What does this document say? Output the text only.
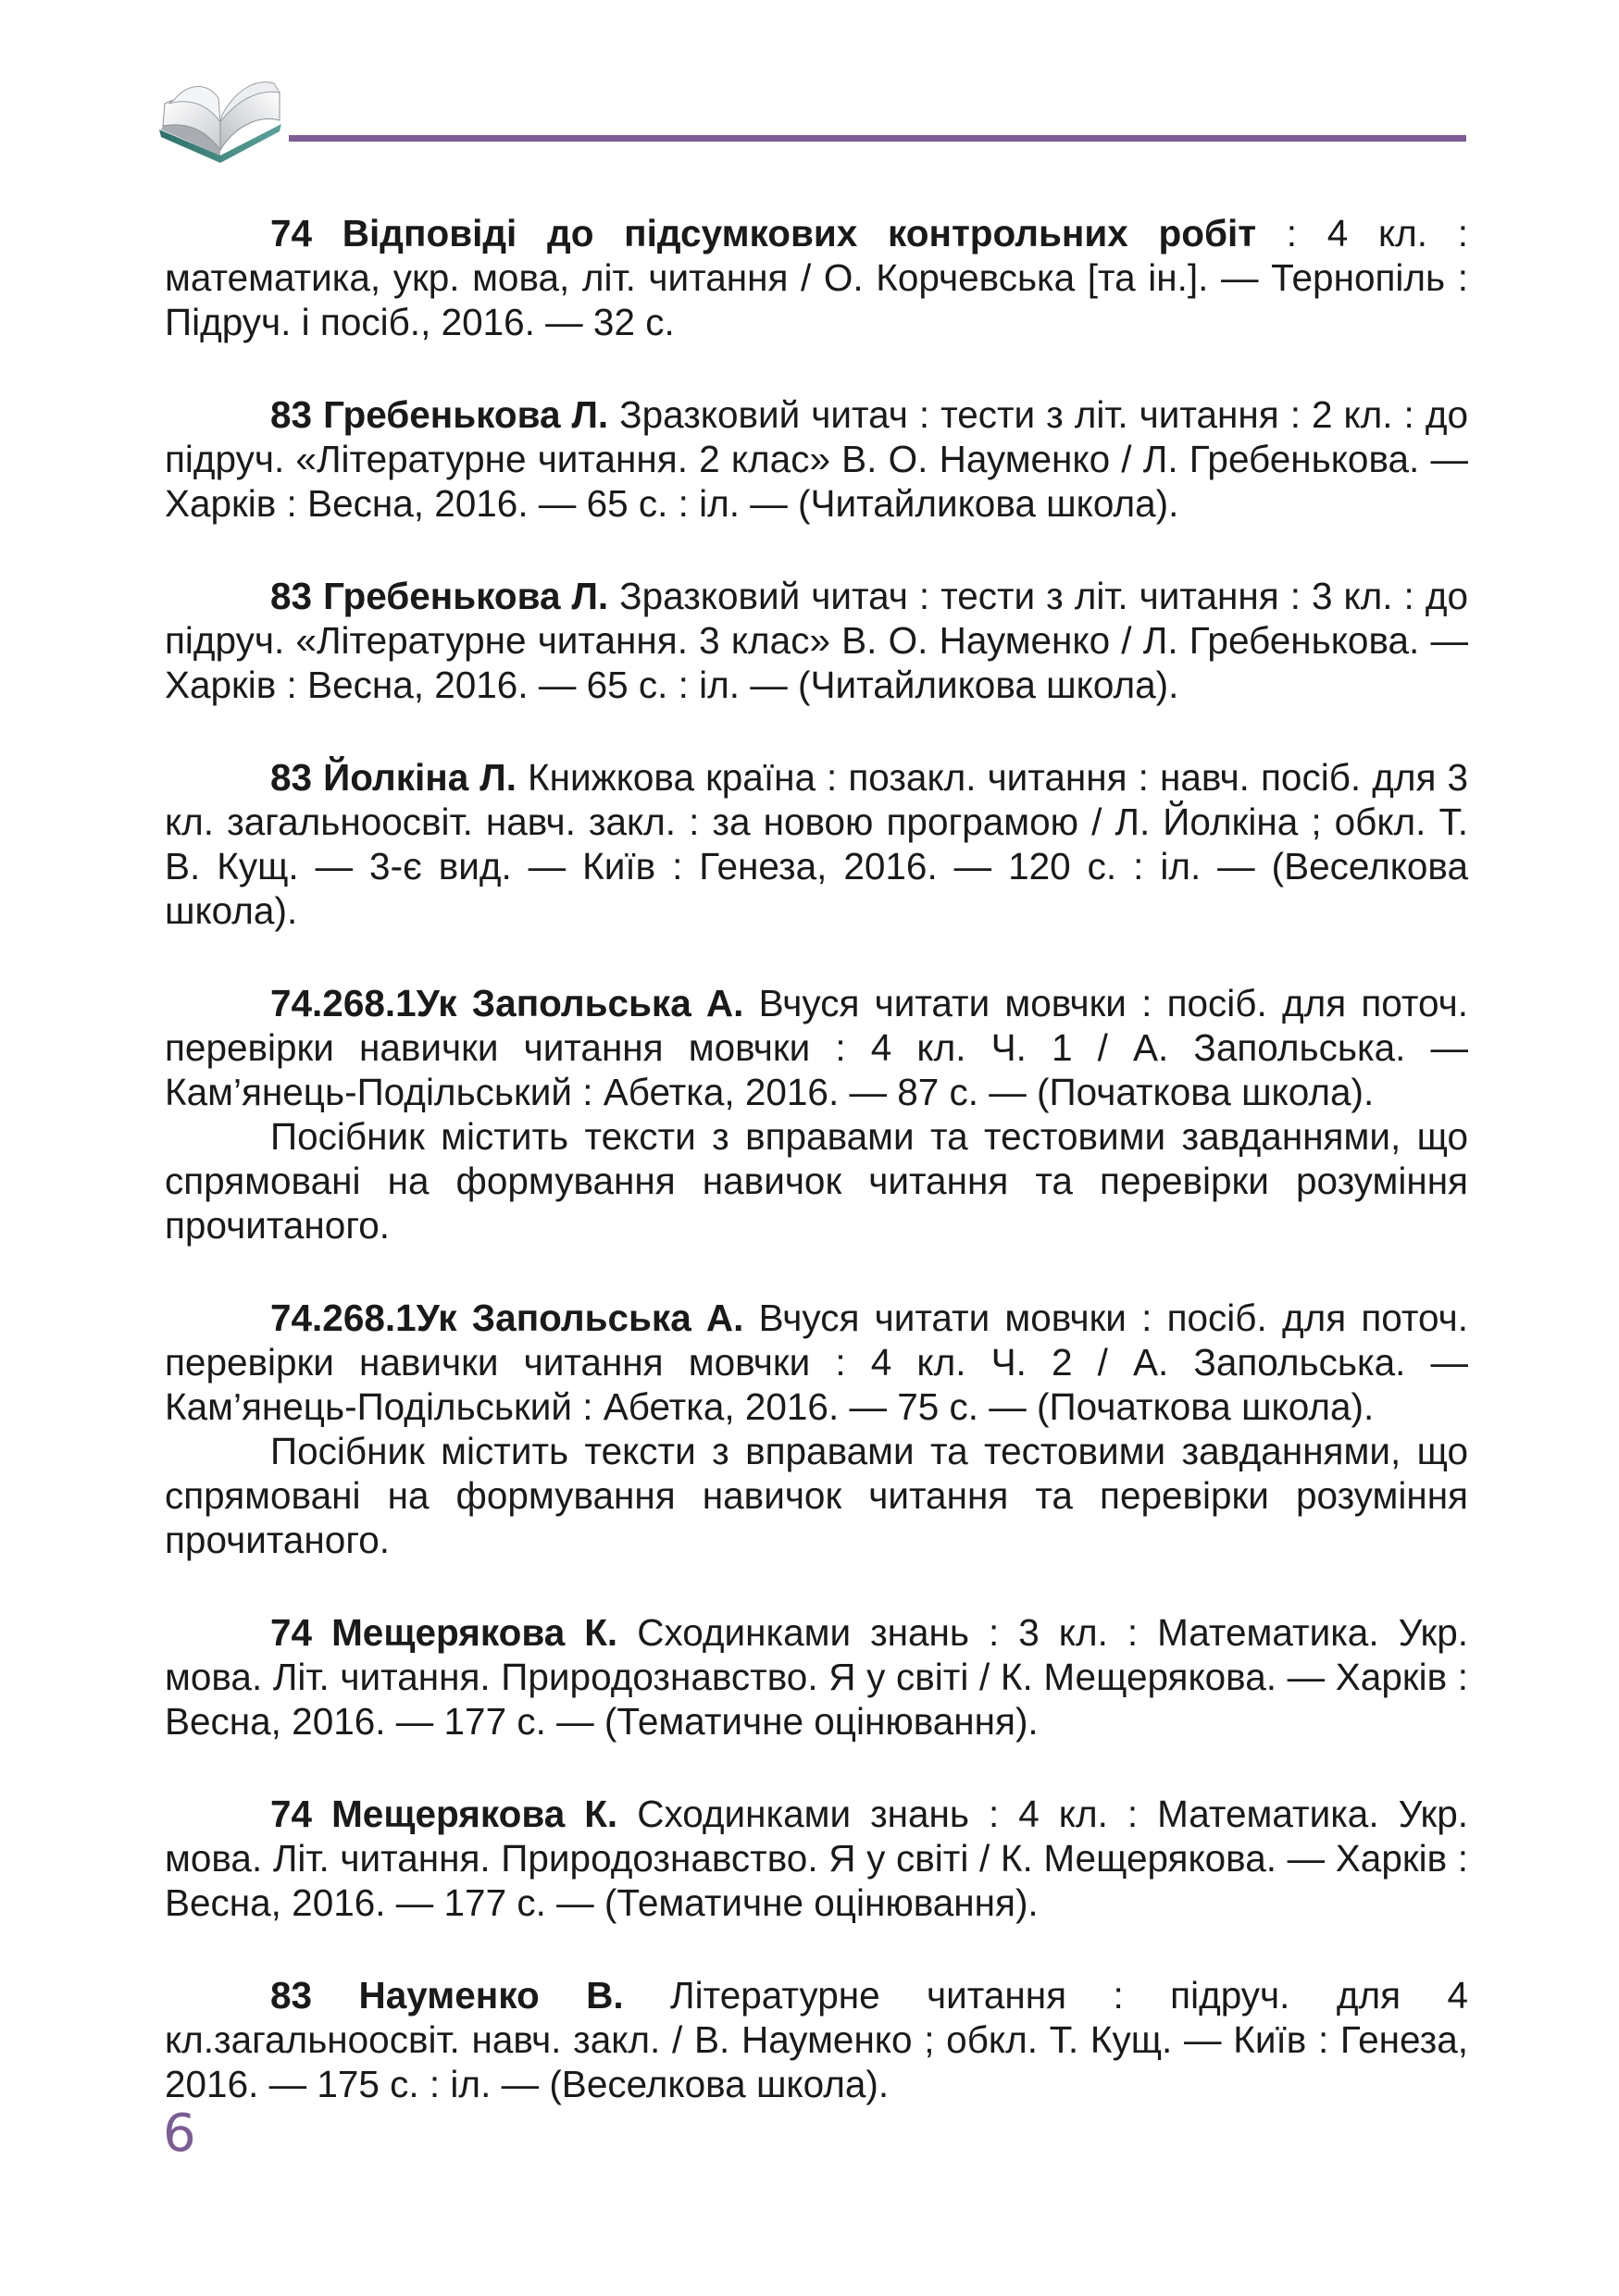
74 Відповіді до підсумкових контрольних робіт : 4 кл. : математика, укр. мова, літ. читання / О. Корчевська [та ін.]. — Тернопіль : Підруч. і посіб., 2016. — 32 с.

83 Гребенькова Л. Зразковий читач : тести з літ. читання : 2 кл. : до підруч. «Літературне читання. 2 клас» В. О. Науменко / Л. Гребенькова. — Харків : Весна, 2016. — 65 с. : іл. — (Читайликова школа).

83 Гребенькова Л. Зразковий читач : тести з літ. читання : 3 кл. : до підруч. «Літературне читання. 3 клас» В. О. Науменко / Л. Гребенькова. — Харків : Весна, 2016. — 65 с. : іл. — (Читайликова школа).

83 Йолкіна Л. Книжкова країна : позакл. читання : навч. посіб. для 3 кл. загальноосвіт. навч. закл. : за новою програмою / Л. Йолкіна ; обкл. Т. В. Кущ. — 3-є вид. — Київ : Генеза, 2016. — 120 с. : іл. — (Веселкова школа).

74.268.1Ук Запольська А. Вчуся читати мовчки : посіб. для поточ. перевірки навички читання мовчки : 4 кл. Ч. 1 / А. Запольська. — Кам’янець-Подільський : Абетка, 2016. — 87 с. — (Початкова школа).

Посібник містить тексти з вправами та тестовими завданнями, що спрямовані на формування навичок читання та перевірки розуміння прочитаного.

74.268.1Ук Запольська А. Вчуся читати мовчки : посіб. для поточ. перевірки навички читання мовчки : 4 кл. Ч. 2 / А. Запольська. — Кам’янець-Подільський : Абетка, 2016. — 75 с. — (Початкова школа).

Посібник містить тексти з вправами та тестовими завданнями, що спрямовані на формування навичок читання та перевірки розуміння прочитаного.

74 Мещерякова К. Сходинками знань : 3 кл. : Математика. Укр. мова. Літ. читання. Природознавство. Я у світі / К. Мещерякова. — Харків : Весна, 2016. — 177 с. — (Тематичне оцінювання).

74 Мещерякова К. Сходинками знань : 4 кл. : Математика. Укр. мова. Літ. читання. Природознавство. Я у світі / К. Мещерякова. — Харків : Весна, 2016. — 177 с. — (Тематичне оцінювання).

83 Науменко В. Літературне читання : підруч. для 4 кл.загальноосвіт. навч. закл. / В. Науменко ; обкл. Т. Кущ. — Київ : Генеза, 2016. — 175 с. : іл. — (Веселкова школа).

6
